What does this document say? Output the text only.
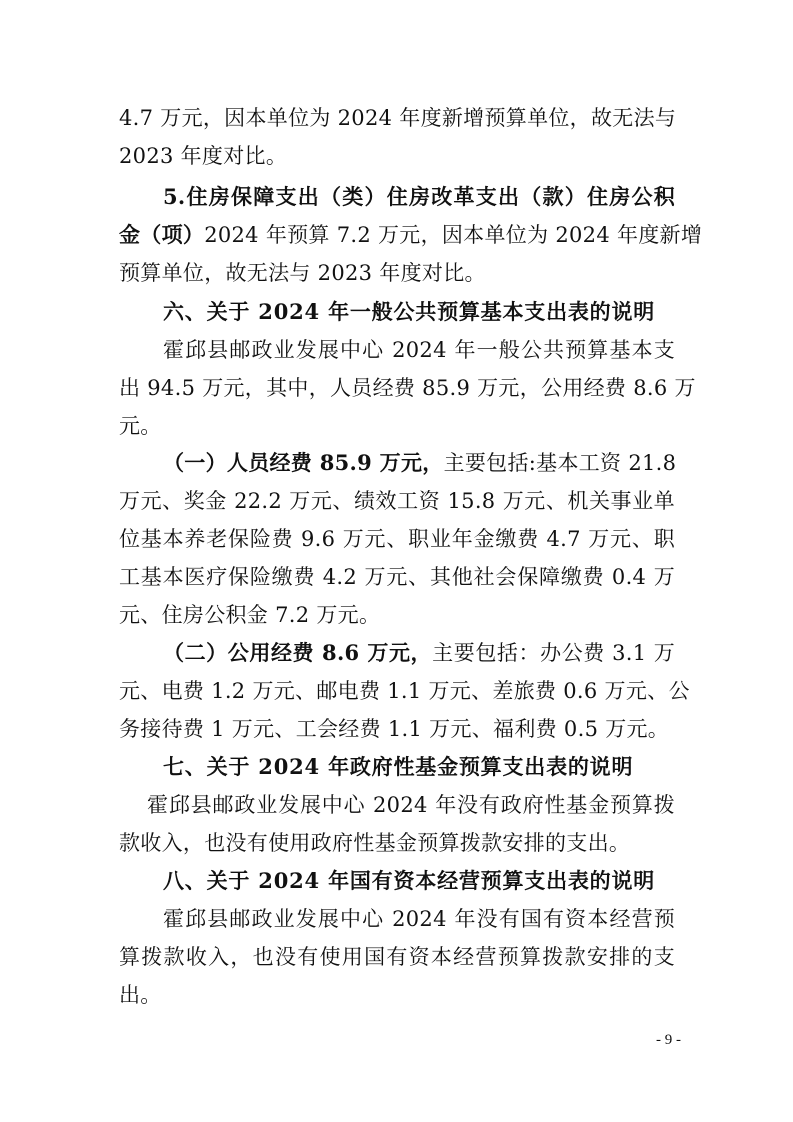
4.7 万元，因本单位为 2024 年度新增预算单位，故无法与
2023 年度对比。
5.住房保障支出（类）住房改革支出（款）住房公积
金（项）2024 年预算 7.2 万元，因本单位为 2024 年度新增
预算单位，故无法与 2023 年度对比。
六、关于 2024 年一般公共预算基本支出表的说明
霍邱县邮政业发展中心 2024 年一般公共预算基本支
出 94.5 万元，其中，人员经费 85.9 万元，公用经费 8.6 万
元。
（一）人员经费 85.9 万元，主要包括:基本工资 21.8
万元、奖金 22.2 万元、绩效工资 15.8 万元、机关事业单
位基本养老保险费 9.6 万元、职业年金缴费 4.7 万元、职
工基本医疗保险缴费 4.2 万元、其他社会保障缴费 0.4 万
元、住房公积金 7.2 万元。
（二）公用经费 8.6 万元，主要包括：办公费 3.1 万
元、电费 1.2 万元、邮电费 1.1 万元、差旅费 0.6 万元、公
务接待费 1 万元、工会经费 1.1 万元、福利费 0.5 万元。
七、关于 2024 年政府性基金预算支出表的说明
霍邱县邮政业发展中心 2024 年没有政府性基金预算拨
款收入，也没有使用政府性基金预算拨款安排的支出。
八、关于 2024 年国有资本经营预算支出表的说明
霍邱县邮政业发展中心 2024 年没有国有资本经营预
算拨款收入，也没有使用国有资本经营预算拨款安排的支
出。
- 9 -
